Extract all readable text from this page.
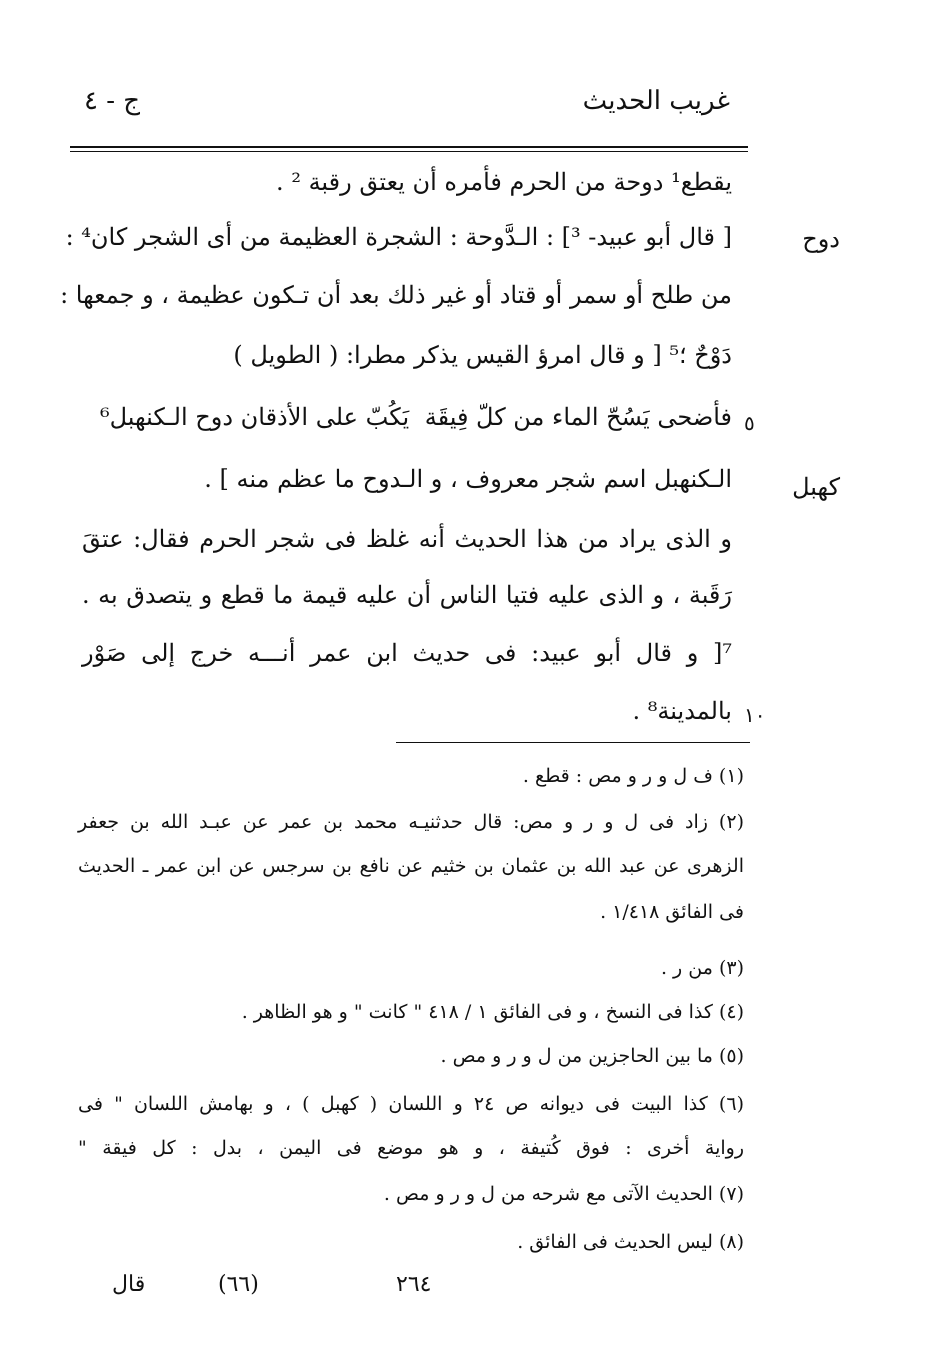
غريب الحديث
ج - ٤
يقطع¹ دوحة من الحرم فأمره أن يعتق رقبة ² .
[ قال أبو عبيد- ³] : الـدَّوحة : الشجرة العظيمة من أى الشجر كان⁴ :
من طلح أو سمر أو قتاد أو غير ذلك بعد أن تـكون عظيمة ، و جمعها :
دَوْحٌ ؛⁵ [ و قال امرؤ القيس يذكر مطرا: ( الطويل )
دوح
٥
فأضحى يَسُحّ الماء من كلّ فِيقَة
يَكُبّ على الأذقان دوح الـكنهبل⁶
كهبل
الـكنهبل اسم شجر معروف ، و الـدوح ما عظم منه ] .
و الذى يراد من هذا الحديث أنه غلظ فى شجر الحرم فقال: عتقَ
رَقَبة ، و الذى عليه فتيا الناس أن عليه قيمة ما قطع و يتصدق به .
⁷[ و قال أبو عبيد: فى حديث ابن عمر أنـــه خرج إلى صَوْر
١٠
بالمدينة⁸ .
(١) ف ل و ر و مص : قطع .
(٢) زاد فى ل و ر و مص: قال حدثنيـه محمد بن عمر عن عبـد الله بن جعفر
الزهرى عن عبد الله بن عثمان بن خثيم عن نافع بن سرجس عن ابن عمر ـ الحديث
فى الفائق ١/٤١٨ .
(٣) من ر .
(٤) كذا فى النسخ ، و فى الفائق ١ / ٤١٨ " كانت " و هو الظاهر .
(٥) ما بين الحاجزين من ل و ر و مص .
(٦) كذا البيت فى ديوانه ص ٢٤ و اللسان ( كهبل ) ، و بهامش اللسان " فى
رواية أخرى : فوق كُتيفة ، و هو موضع فى اليمن ، بدل : كل فيقة "
(٧) الحديث الآتى مع شرحه من ل و ر و مص .
(٨) ليس الحديث فى الفائق .
٢٦٤
(٦٦)
قال
